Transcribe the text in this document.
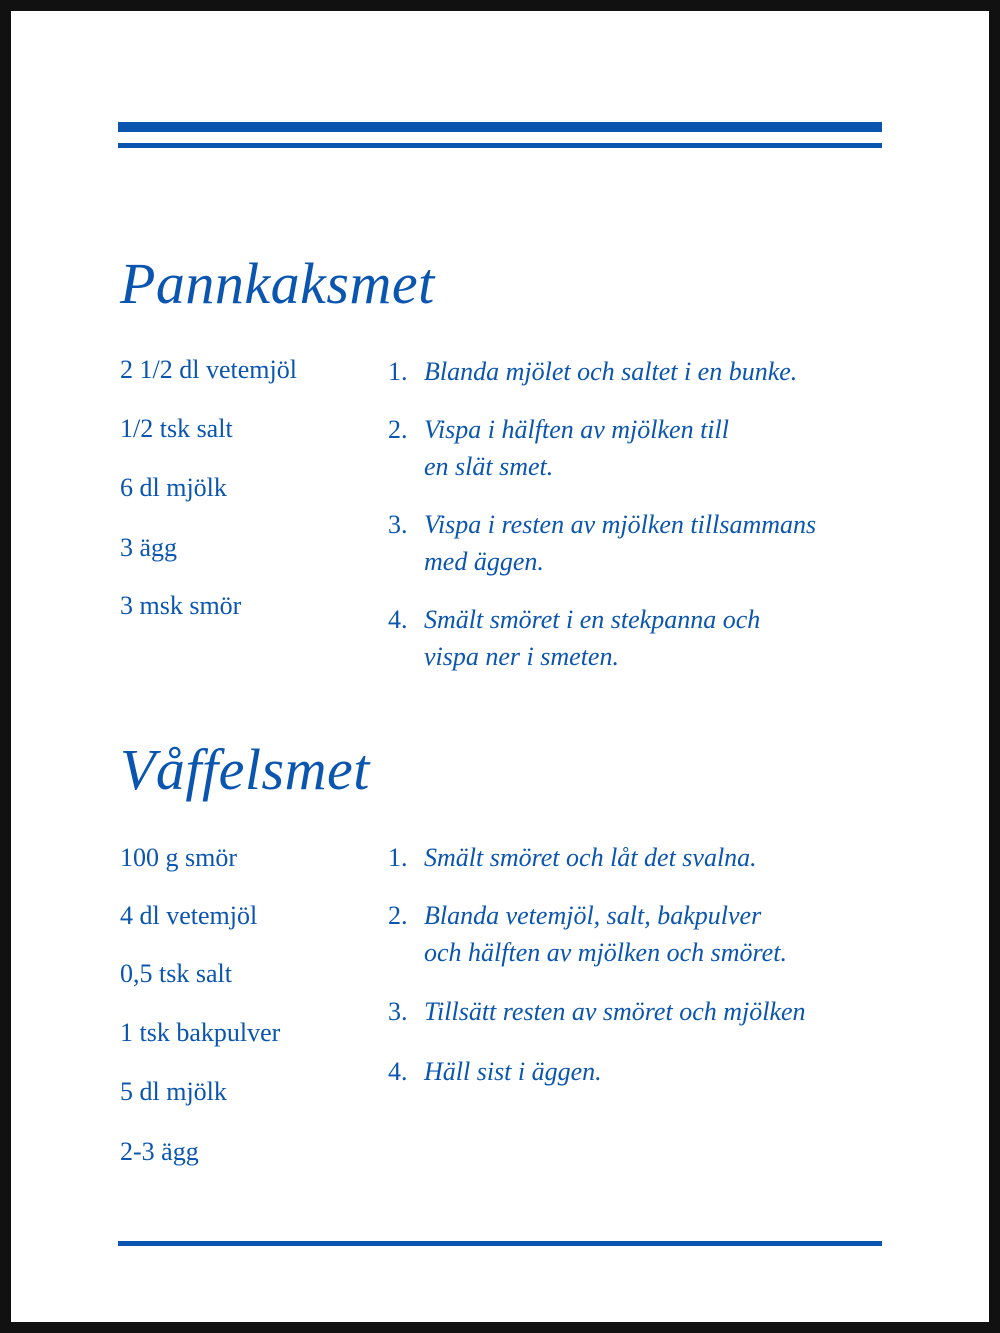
Pannkaksmet
2 1/2 dl vetemjöl
1/2 tsk salt
6 dl mjölk
3 ägg
3 msk smör
1. Blanda mjölet och saltet i en bunke.
2. Vispa i hälften av mjölken till
en slät smet.
3. Vispa i resten av mjölken tillsammans
med äggen.
4. Smält smöret i en stekpanna och
vispa ner i smeten.
Våffelsmet
100 g smör
4 dl vetemjöl
0,5 tsk salt
1 tsk bakpulver
5 dl mjölk
2-3 ägg
1. Smält smöret och låt det svalna.
2. Blanda vetemjöl, salt, bakpulver
och hälften av mjölken och smöret.
3. Tillsätt resten av smöret och mjölken
4. Häll sist i äggen.
